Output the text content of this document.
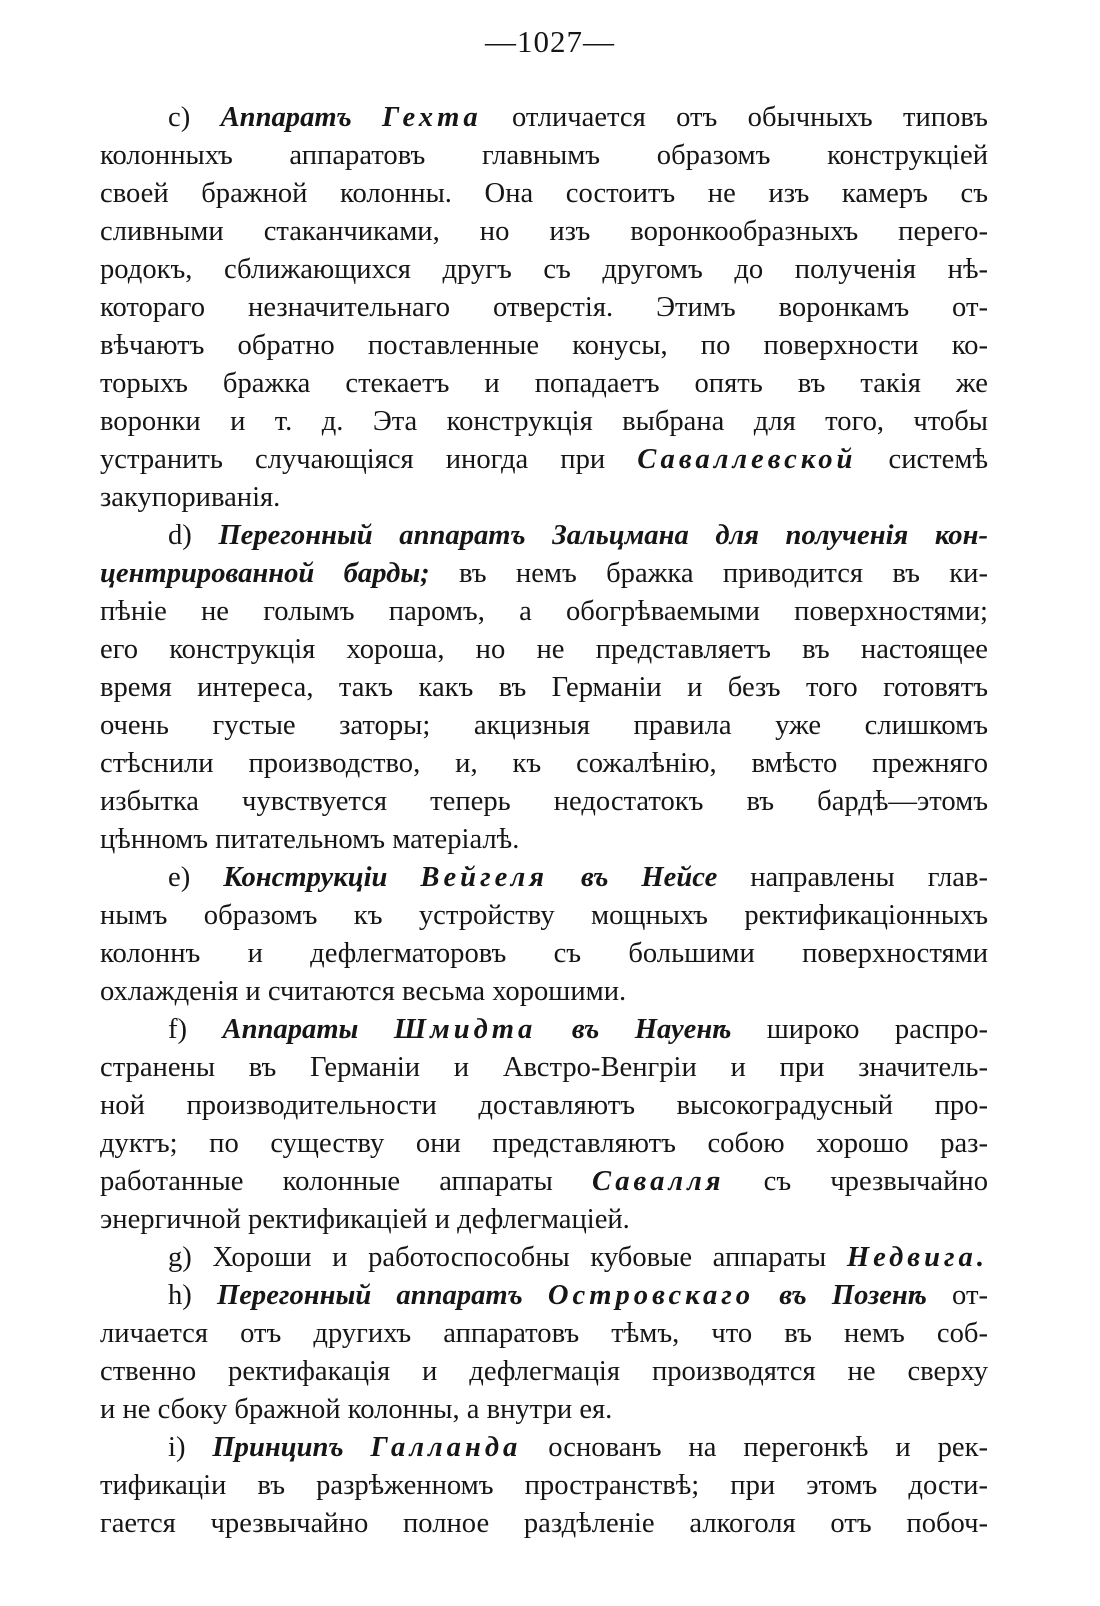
—1027—
c) Аппаратъ Гехта отличается отъ обычныхъ типовъ
колонныхъ аппаратовъ главнымъ образомъ конструкціей
своей бражной колонны. Она состоитъ не изъ камеръ съ
сливными стаканчиками, но изъ воронкообразныхъ перего-
родокъ, сближающихся другъ съ другомъ до полученія нѣ-
котораго незначительнаго отверстія. Этимъ воронкамъ от-
вѣчаютъ обратно поставленные конусы, по поверхности ко-
торыхъ бражка стекаетъ и попадаетъ опять въ такія же
воронки и т. д. Эта конструкція выбрана для того, чтобы
устранить случающіяся иногда при Саваллевской системѣ
закупориванія.
d) Перегонный аппаратъ Зальцмана для полученія кон-
центрированной барды; въ немъ бражка приводится въ ки-
пѣніе не голымъ паромъ, а обогрѣваемыми поверхностями;
его конструкція хороша, но не представляетъ въ настоящее
время интереса, такъ какъ въ Германіи и безъ того готовятъ
очень густые заторы; акцизныя правила уже слишкомъ
стѣснили производство, и, къ сожалѣнію, вмѣсто прежняго
избытка чувствуется теперь недостатокъ въ бардѣ—этомъ
цѣнномъ питательномъ матеріалѣ.
e) Конструкціи Вейгеля въ Нейсе направлены глав-
нымъ образомъ къ устройству мощныхъ ректификаціонныхъ
колоннъ и дефлегматоровъ съ большими поверхностями
охлажденія и считаются весьма хорошими.
f) Аппараты Шмидта въ Науенѣ широко распро-
странены въ Германіи и Австро-Венгріи и при значитель-
ной производительности доставляютъ высокоградусный про-
дуктъ; по существу они представляютъ собою хорошо раз-
работанные колонные аппараты Савалля съ чрезвычайно
энергичной ректификаціей и дефлегмаціей.
g) Хороши и работоспособны кубовые аппараты Недвига.
h) Перегонный аппаратъ Островскаго въ Позенѣ от-
личается отъ другихъ аппаратовъ тѣмъ, что въ немъ соб-
ственно ректифакація и дефлегмація производятся не сверху
и не сбоку бражной колонны, а внутри ея.
i) Принципъ Галланда основанъ на перегонкѣ и рек-
тификаціи въ разрѣженномъ пространствѣ; при этомъ дости-
гается чрезвычайно полное раздѣленіе алкоголя отъ побоч-
